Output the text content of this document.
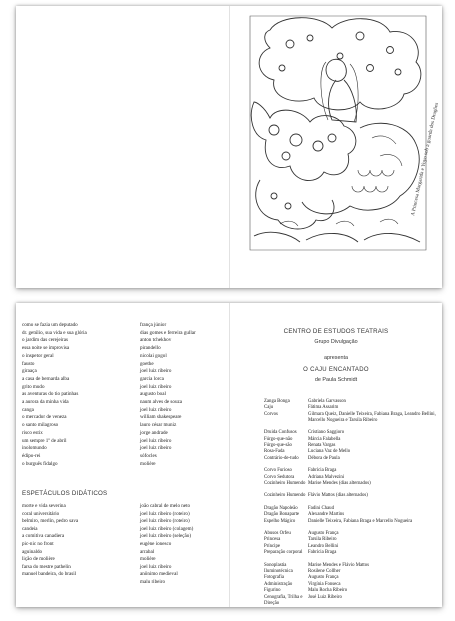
A Princesa Margarida e Yoyo sob a guarda dos Dragões
como se fazia um deputado	frança júnior
dr. getúlio, sua vida e sua glória	dias gomes e ferreira gullar
o jardim das cerejeiras	anton tchekhov
essa noite se improvisa	pirandello
o inspetor geral	nicolai gogol
fausto	goethe
giraaça	joel luiz ribeiro
a casa de bernarda alba	garcia lorca
grito mudo	joel luiz ribeiro
as aventuras do tio patinhas	augusto boal
a aurora da minha vida	naum alves de souza
canga	joel luiz ribeiro
o mercador de veneza	william shakespeare
o santo milagroso	lauro césar muniz
risco estix	jorge andrade
um sempre 1º de abril	joel luiz ribeiro
inolomundo	joel luiz ribeiro
édipo-rei	sófocles
o burguês fidalgo	molière
ESPETÁCULOS DIDÁTICOS
morte e vida severina	joão cabral de melo neto
coral universitário	joel luiz ribeiro (roteiro)
belmiro, merlin, pedro sava	joel luiz ribeiro (roteiro)
candeia	joel luiz ribeiro (colagem)
a comitiva canadiera	joel luiz ribeiro (seleção)
pic-nic no front	eugène ionesco
aguinaldo	arrabal
lição de molière	molière
farsa do mestre pathelin	joel luiz ribeiro
manuel bandeira, do brasil	anônimo medieval
malu ribeiro
CENTRO DE ESTUDOS TEATRAIS
Grupo Divulgação
apresenta
O CAJU ENCANTADO
de Paula Schmidt
Zanga Bonga	Gabriela Garvasson
Caju	Fátima Assarim
Corvos	Gilmara Queiz, Danielle Teixeira, Fabiana Braga, Leandro Bellini, Marcello Nogueira e Tarsila Ribeiro
Druida Confusos	Cristiano Saggioro
Fúrgo-que-não	Márcia Falabella
Fúrgo-que-são	Renata Vargas
Rosa-Fada	Luciana Vaz de Mello
Contrário-de-tudo	Débora de Paula
Corvo Furioso	Fabrícia Braga
Corvo Sedutora	Adriana Malvezini
Cozinheiro Humendo Marise Mendes (dias alternados)
Cozinheiro Humendo Flávio Mattos (dias alternados)
Dragão Napoleão	Fadini Chaud
Dragão Bonaparte	Alexandre Martins
Espelho Mágico	Danielle Teixeira, Fabiana Braga e Marcello Nogueira
Abusos Orfeu	Augusto França
Princesa	Tarsila Ribeiro
Príncipe	Leandro Bellini
Preparação corporal	Fabrícia Braga
Sonoplastia	Marise Mendes e Flávio Mattos
Iluminotécnica	Rosilene Collher
Fotografia	Augusto França
Administração	Virgínia Fonseca
Figurino	Malu Rocha Ribeiro
Cenografia, Trilha e Direção
José Luiz Ribeiro
